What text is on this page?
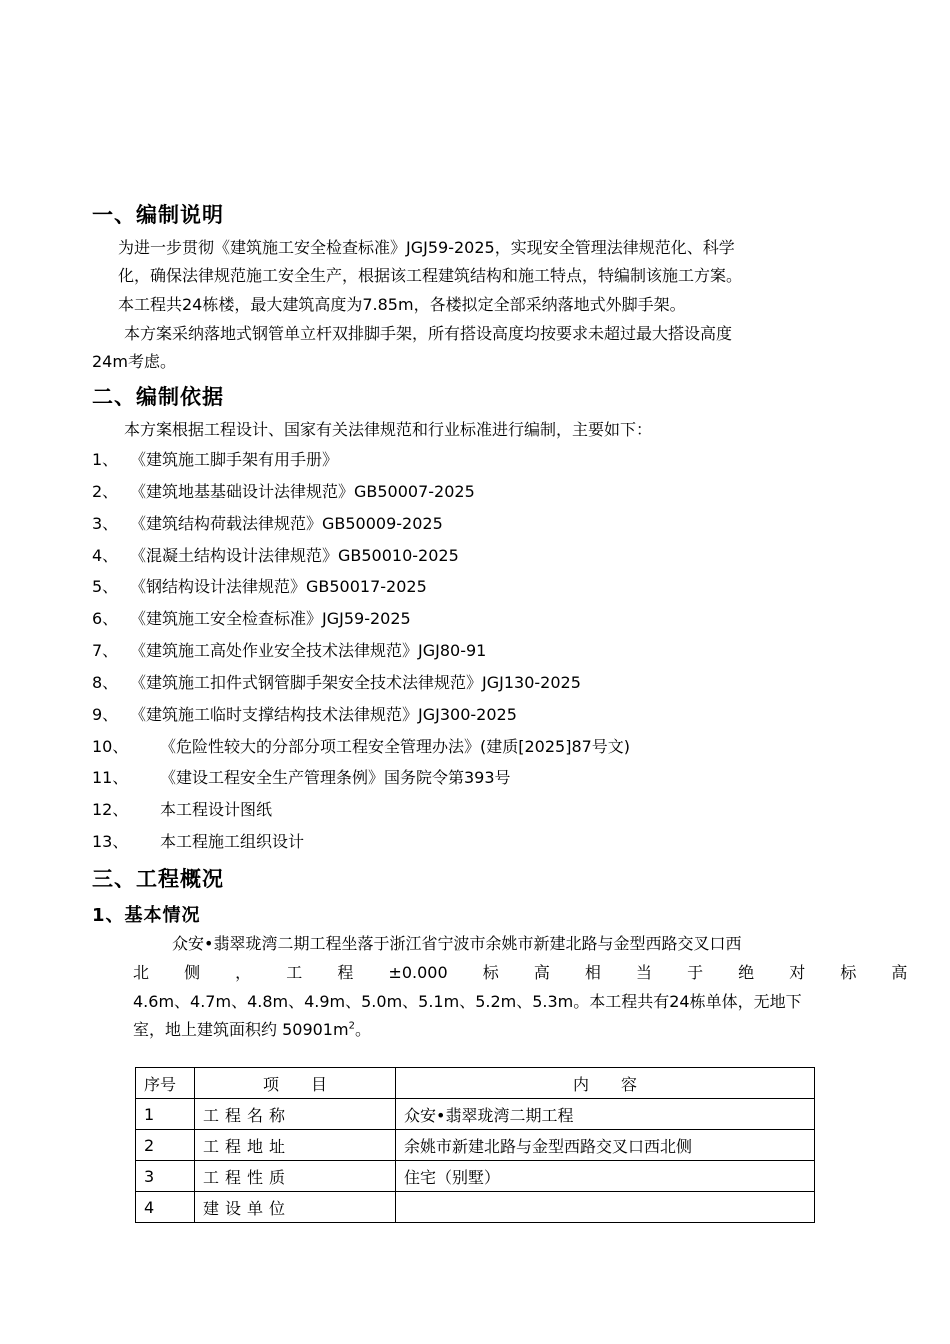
一、编制说明
为进一步贯彻《建筑施工安全检查标准》JGJ59-2025，实现安全管理法律规范化、科学
化，确保法律规范施工安全生产，根据该工程建筑结构和施工特点，特编制该施工方案。
本工程共24栋楼，最大建筑高度为7.85m，各楼拟定全部采纳落地式外脚手架。
本方案采纳落地式钢管单立杆双排脚手架，所有搭设高度均按要求未超过最大搭设高度
24m考虑。
二、编制依据
本方案根据工程设计、国家有关法律规范和行业标准进行编制，主要如下：
1、 《建筑施工脚手架有用手册》
2、 《建筑地基基础设计法律规范》GB50007-2025
3、 《建筑结构荷载法律规范》GB50009-2025
4、 《混凝土结构设计法律规范》GB50010-2025
5、 《钢结构设计法律规范》GB50017-2025
6、 《建筑施工安全检查标准》JGJ59-2025
7、 《建筑施工高处作业安全技术法律规范》JGJ80-91
8、 《建筑施工扣件式钢管脚手架安全技术法律规范》JGJ130-2025
9、 《建筑施工临时支撑结构技术法律规范》JGJ300-2025
10、 《危险性较大的分部分项工程安全管理办法》(建质[2025]87号文)
11、 《建设工程安全生产管理条例》国务院令第393号
12、 本工程设计图纸
13、 本工程施工组织设计
三、工程概况
1、基本情况
众安•翡翠珑湾二期工程坐落于浙江省宁波市余姚市新建北路与金型西路交叉口西
北 侧 ， 工 程 ±0.000 标 高 相 当 于 绝 对 标 高
4.6m、4.7m、4.8m、4.9m、5.0m、5.1m、5.2m、5.3m。本工程共有24栋单体，无地下
室，地上建筑面积约 $50901m^2$。
序号	项　　目	内　　容
1	工程名称	众安•翡翠珑湾二期工程
2	工程地址	余姚市新建北路与金型西路交叉口西北侧
3	工程性质	住宅（别墅）
4	建设单位	
